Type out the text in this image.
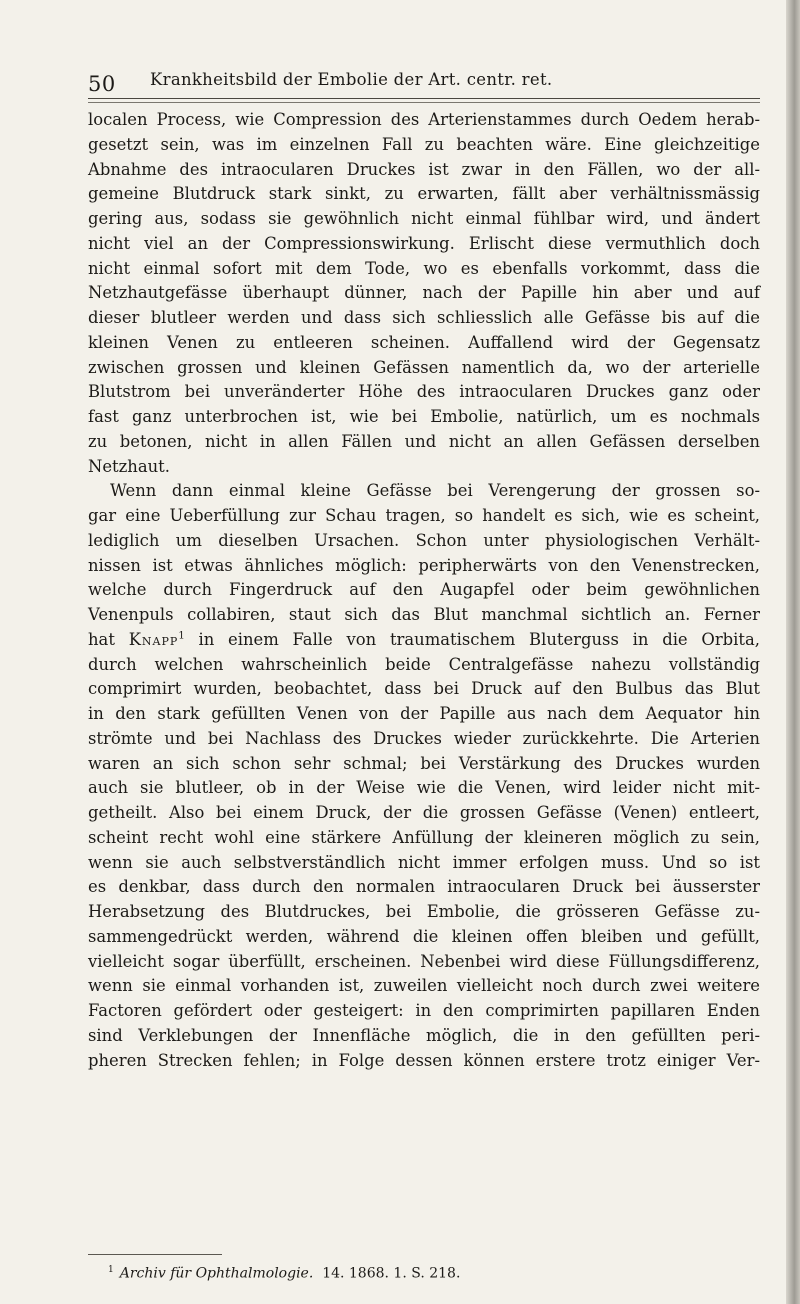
50 Krankheitsbild der Embolie der Art. centr. ret.

localen Process, wie Compression des Arterienstammes durch Oedem herab-
gesetzt sein, was im einzelnen Fall zu beachten wäre. Eine gleichzeitige
Abnahme des intraocularen Druckes ist zwar in den Fällen, wo der all-
gemeine Blutdruck stark sinkt, zu erwarten, fällt aber verhältnissmässig
gering aus, sodass sie gewöhnlich nicht einmal fühlbar wird, und ändert
nicht viel an der Compressionswirkung. Erlischt diese vermuthlich doch
nicht einmal sofort mit dem Tode, wo es ebenfalls vorkommt, dass die
Netzhautgefässe überhaupt dünner, nach der Papille hin aber und auf
dieser blutleer werden und dass sich schliesslich alle Gefässe bis auf die
kleinen Venen zu entleeren scheinen. Auffallend wird der Gegensatz
zwischen grossen und kleinen Gefässen namentlich da, wo der arterielle
Blutstrom bei unveränderter Höhe des intraocularen Druckes ganz oder
fast ganz unterbrochen ist, wie bei Embolie, natürlich, um es nochmals
zu betonen, nicht in allen Fällen und nicht an allen Gefässen derselben
Netzhaut.

Wenn dann einmal kleine Gefässe bei Verengerung der grossen so-
gar eine Ueberfüllung zur Schau tragen, so handelt es sich, wie es scheint,
lediglich um dieselben Ursachen. Schon unter physiologischen Verhält-
nissen ist etwas ähnliches möglich: peripherwärts von den Venenstrecken,
welche durch Fingerdruck auf den Augapfel oder beim gewöhnlichen
Venenpuls collabiren, staut sich das Blut manchmal sichtlich an. Ferner
hat Knapp$^1$ in einem Falle von traumatischem Bluterguss in die Orbita,
durch welchen wahrscheinlich beide Centralgefässe nahezu vollständig
comprimirt wurden, beobachtet, dass bei Druck auf den Bulbus das Blut
in den stark gefüllten Venen von der Papille aus nach dem Aequator hin
strömte und bei Nachlass des Druckes wieder zurückkehrte. Die Arterien
waren an sich schon sehr schmal; bei Verstärkung des Druckes wurden
auch sie blutleer, ob in der Weise wie die Venen, wird leider nicht mit-
getheilt. Also bei einem Druck, der die grossen Gefässe (Venen) entleert,
scheint recht wohl eine stärkere Anfüllung der kleineren möglich zu sein,
wenn sie auch selbstverständlich nicht immer erfolgen muss. Und so ist
es denkbar, dass durch den normalen intraocularen Druck bei äusserster
Herabsetzung des Blutdruckes, bei Embolie, die grösseren Gefässe zu-
sammengedrückt werden, während die kleinen offen bleiben und gefüllt,
vielleicht sogar überfüllt, erscheinen. Nebenbei wird diese Füllungsdifferenz,
wenn sie einmal vorhanden ist, zuweilen vielleicht noch durch zwei weitere
Factoren gefördert oder gesteigert: in den comprimirten papillaren Enden
sind Verklebungen der Innenfläche möglich, die in den gefüllten peri-
pheren Strecken fehlen; in Folge dessen können erstere trotz einiger Ver-

$^1$ Archiv für Ophthalmologie. 14. 1868. 1. S. 218.
